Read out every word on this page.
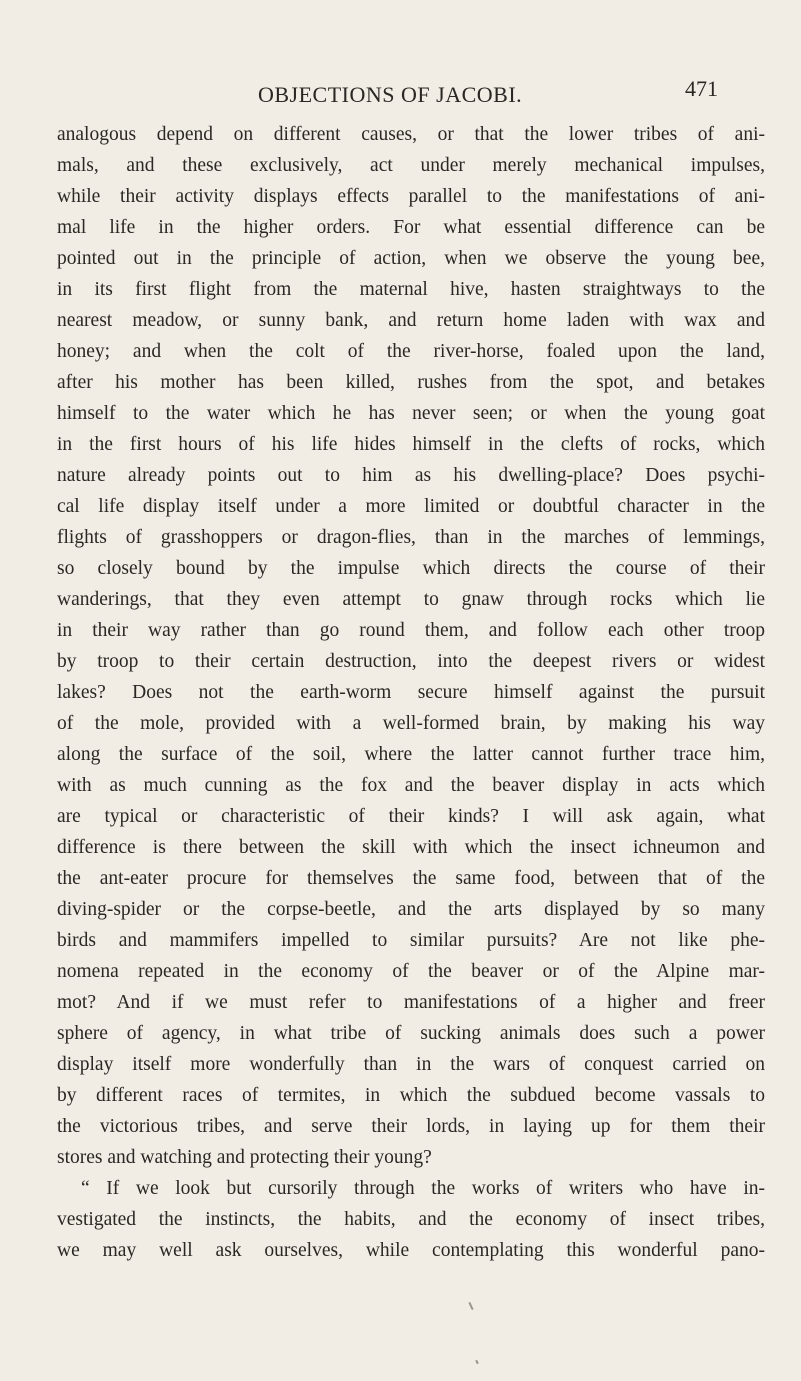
OBJECTIONS OF JACOBI.	471
analogous depend on different causes, or that the lower tribes of ani-
mals, and these exclusively, act under merely mechanical impulses,
while their activity displays effects parallel to the manifestations of ani-
mal life in the higher orders. For what essential difference can be
pointed out in the principle of action, when we observe the young bee,
in its first flight from the maternal hive, hasten straightways to the
nearest meadow, or sunny bank, and return home laden with wax and
honey; and when the colt of the river-horse, foaled upon the land,
after his mother has been killed, rushes from the spot, and betakes
himself to the water which he has never seen; or when the young goat
in the first hours of his life hides himself in the clefts of rocks, which
nature already points out to him as his dwelling-place? Does psychi-
cal life display itself under a more limited or doubtful character in the
flights of grasshoppers or dragon-flies, than in the marches of lemmings,
so closely bound by the impulse which directs the course of their
wanderings, that they even attempt to gnaw through rocks which lie
in their way rather than go round them, and follow each other troop
by troop to their certain destruction, into the deepest rivers or widest
lakes? Does not the earth-worm secure himself against the pursuit
of the mole, provided with a well-formed brain, by making his way
along the surface of the soil, where the latter cannot further trace him,
with as much cunning as the fox and the beaver display in acts which
are typical or characteristic of their kinds? I will ask again, what
difference is there between the skill with which the insect ichneumon and
the ant-eater procure for themselves the same food, between that of the
diving-spider or the corpse-beetle, and the arts displayed by so many
birds and mammifers impelled to similar pursuits? Are not like phe-
nomena repeated in the economy of the beaver or of the Alpine mar-
mot? And if we must refer to manifestations of a higher and freer
sphere of agency, in what tribe of sucking animals does such a power
display itself more wonderfully than in the wars of conquest carried on
by different races of termites, in which the subdued become vassals to
the victorious tribes, and serve their lords, in laying up for them their
stores and watching and protecting their young?
“ If we look but cursorily through the works of writers who have in-
vestigated the instincts, the habits, and the economy of insect tribes,
we may well ask ourselves, while contemplating this wonderful pano-
